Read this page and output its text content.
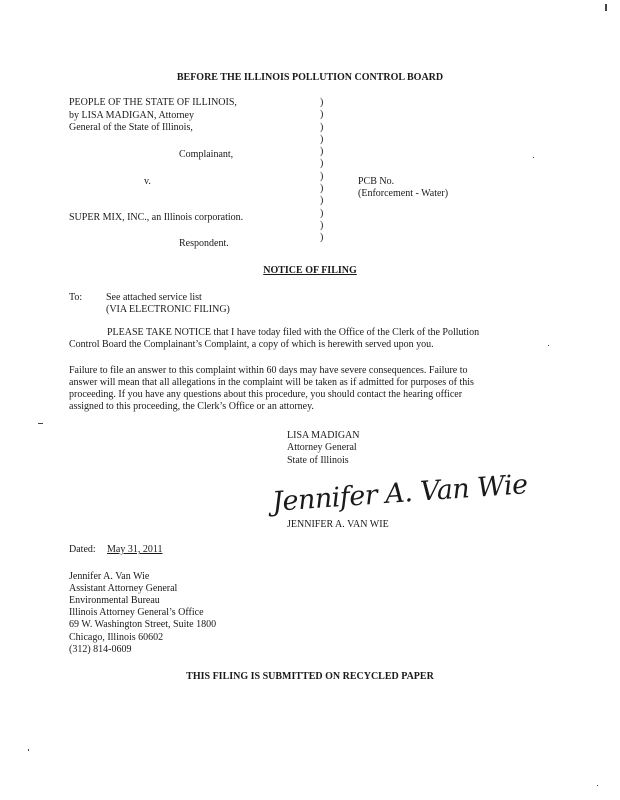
BEFORE THE ILLINOIS POLLUTION CONTROL BOARD
PEOPLE OF THE STATE OF ILLINOIS,
by LISA MADIGAN, Attorney
General of the State of Illinois,
Complainant,
v.
SUPER MIX, INC., an Illinois corporation.
Respondent.
)
)
)
)
)
)
)
)
)
)
)
)
PCB No.
(Enforcement - Water)
NOTICE OF FILING
To: See attached service list
(VIA ELECTRONIC FILING)
PLEASE TAKE NOTICE that I have today filed with the Office of the Clerk of the Pollution
Control Board the Complainant’s Complaint, a copy of which is herewith served upon you.
Failure to file an answer to this complaint within 60 days may have severe consequences. Failure to
answer will mean that all allegations in the complaint will be taken as if admitted for purposes of this
proceeding. If you have any questions about this procedure, you should contact the hearing officer
assigned to this proceeding, the Clerk’s Office or an attorney.
LISA MADIGAN
Attorney General
State of Illinois
Jennifer A. Van Wie
JENNIFER A. VAN WIE
Dated: May 31, 2011
Jennifer A. Van Wie
Assistant Attorney General
Environmental Bureau
Illinois Attorney General’s Office
69 W. Washington Street, Suite 1800
Chicago, Illinois 60602
(312) 814-0609
THIS FILING IS SUBMITTED ON RECYCLED PAPER
